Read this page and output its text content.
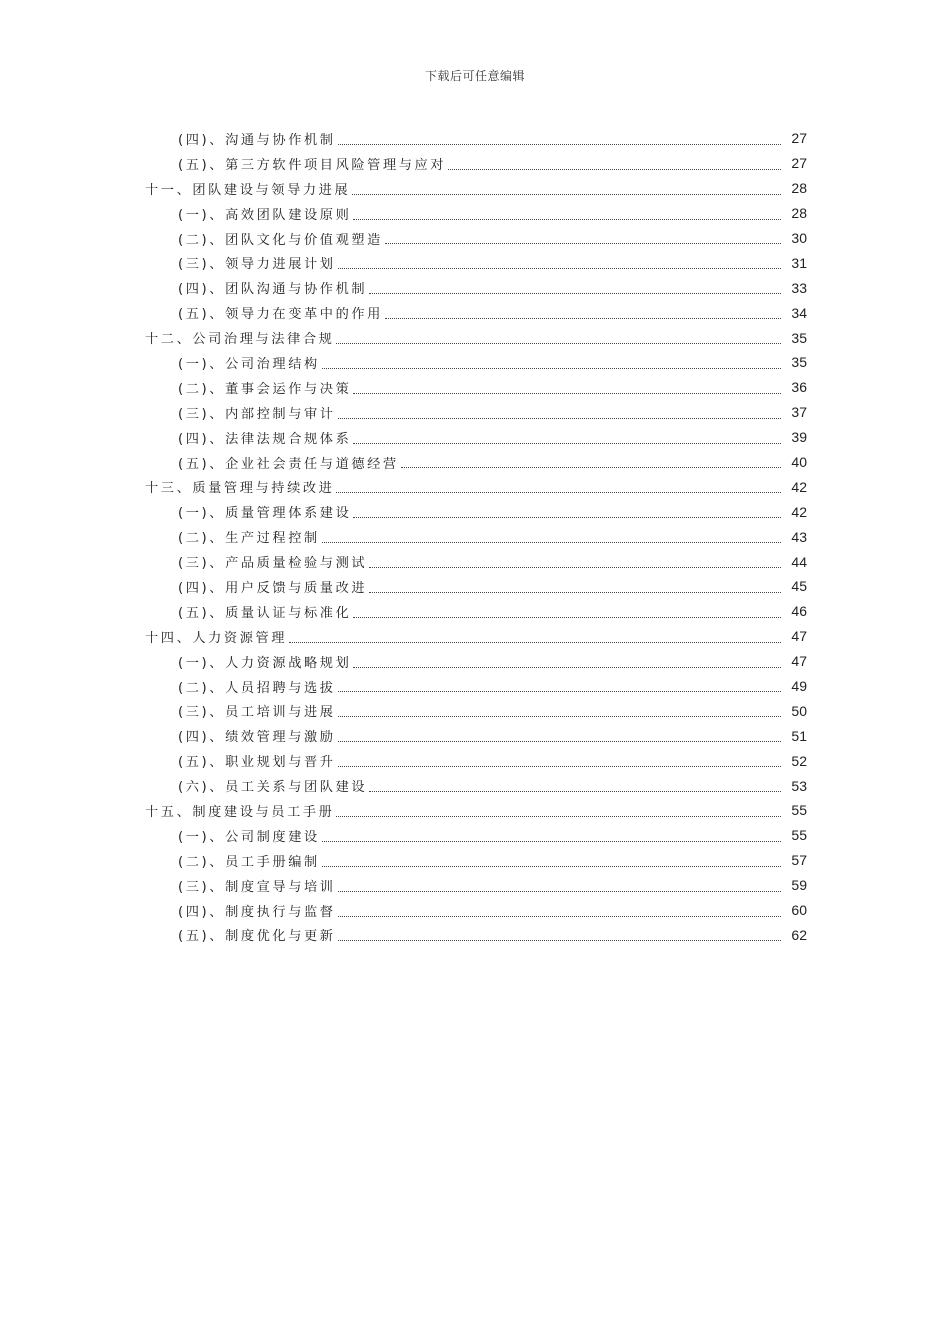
下载后可任意编辑
(四)、沟通与协作机制	27
(五)、第三方软件项目风险管理与应对	27
十一、团队建设与领导力进展	28
(一)、高效团队建设原则	28
(二)、团队文化与价值观塑造	30
(三)、领导力进展计划	31
(四)、团队沟通与协作机制	33
(五)、领导力在变革中的作用	34
十二、公司治理与法律合规	35
(一)、公司治理结构	35
(二)、董事会运作与决策	36
(三)、内部控制与审计	37
(四)、法律法规合规体系	39
(五)、企业社会责任与道德经营	40
十三、质量管理与持续改进	42
(一)、质量管理体系建设	42
(二)、生产过程控制	43
(三)、产品质量检验与测试	44
(四)、用户反馈与质量改进	45
(五)、质量认证与标准化	46
十四、人力资源管理	47
(一)、人力资源战略规划	47
(二)、人员招聘与选拔	49
(三)、员工培训与进展	50
(四)、绩效管理与激励	51
(五)、职业规划与晋升	52
(六)、员工关系与团队建设	53
十五、制度建设与员工手册	55
(一)、公司制度建设	55
(二)、员工手册编制	57
(三)、制度宣导与培训	59
(四)、制度执行与监督	60
(五)、制度优化与更新	62
